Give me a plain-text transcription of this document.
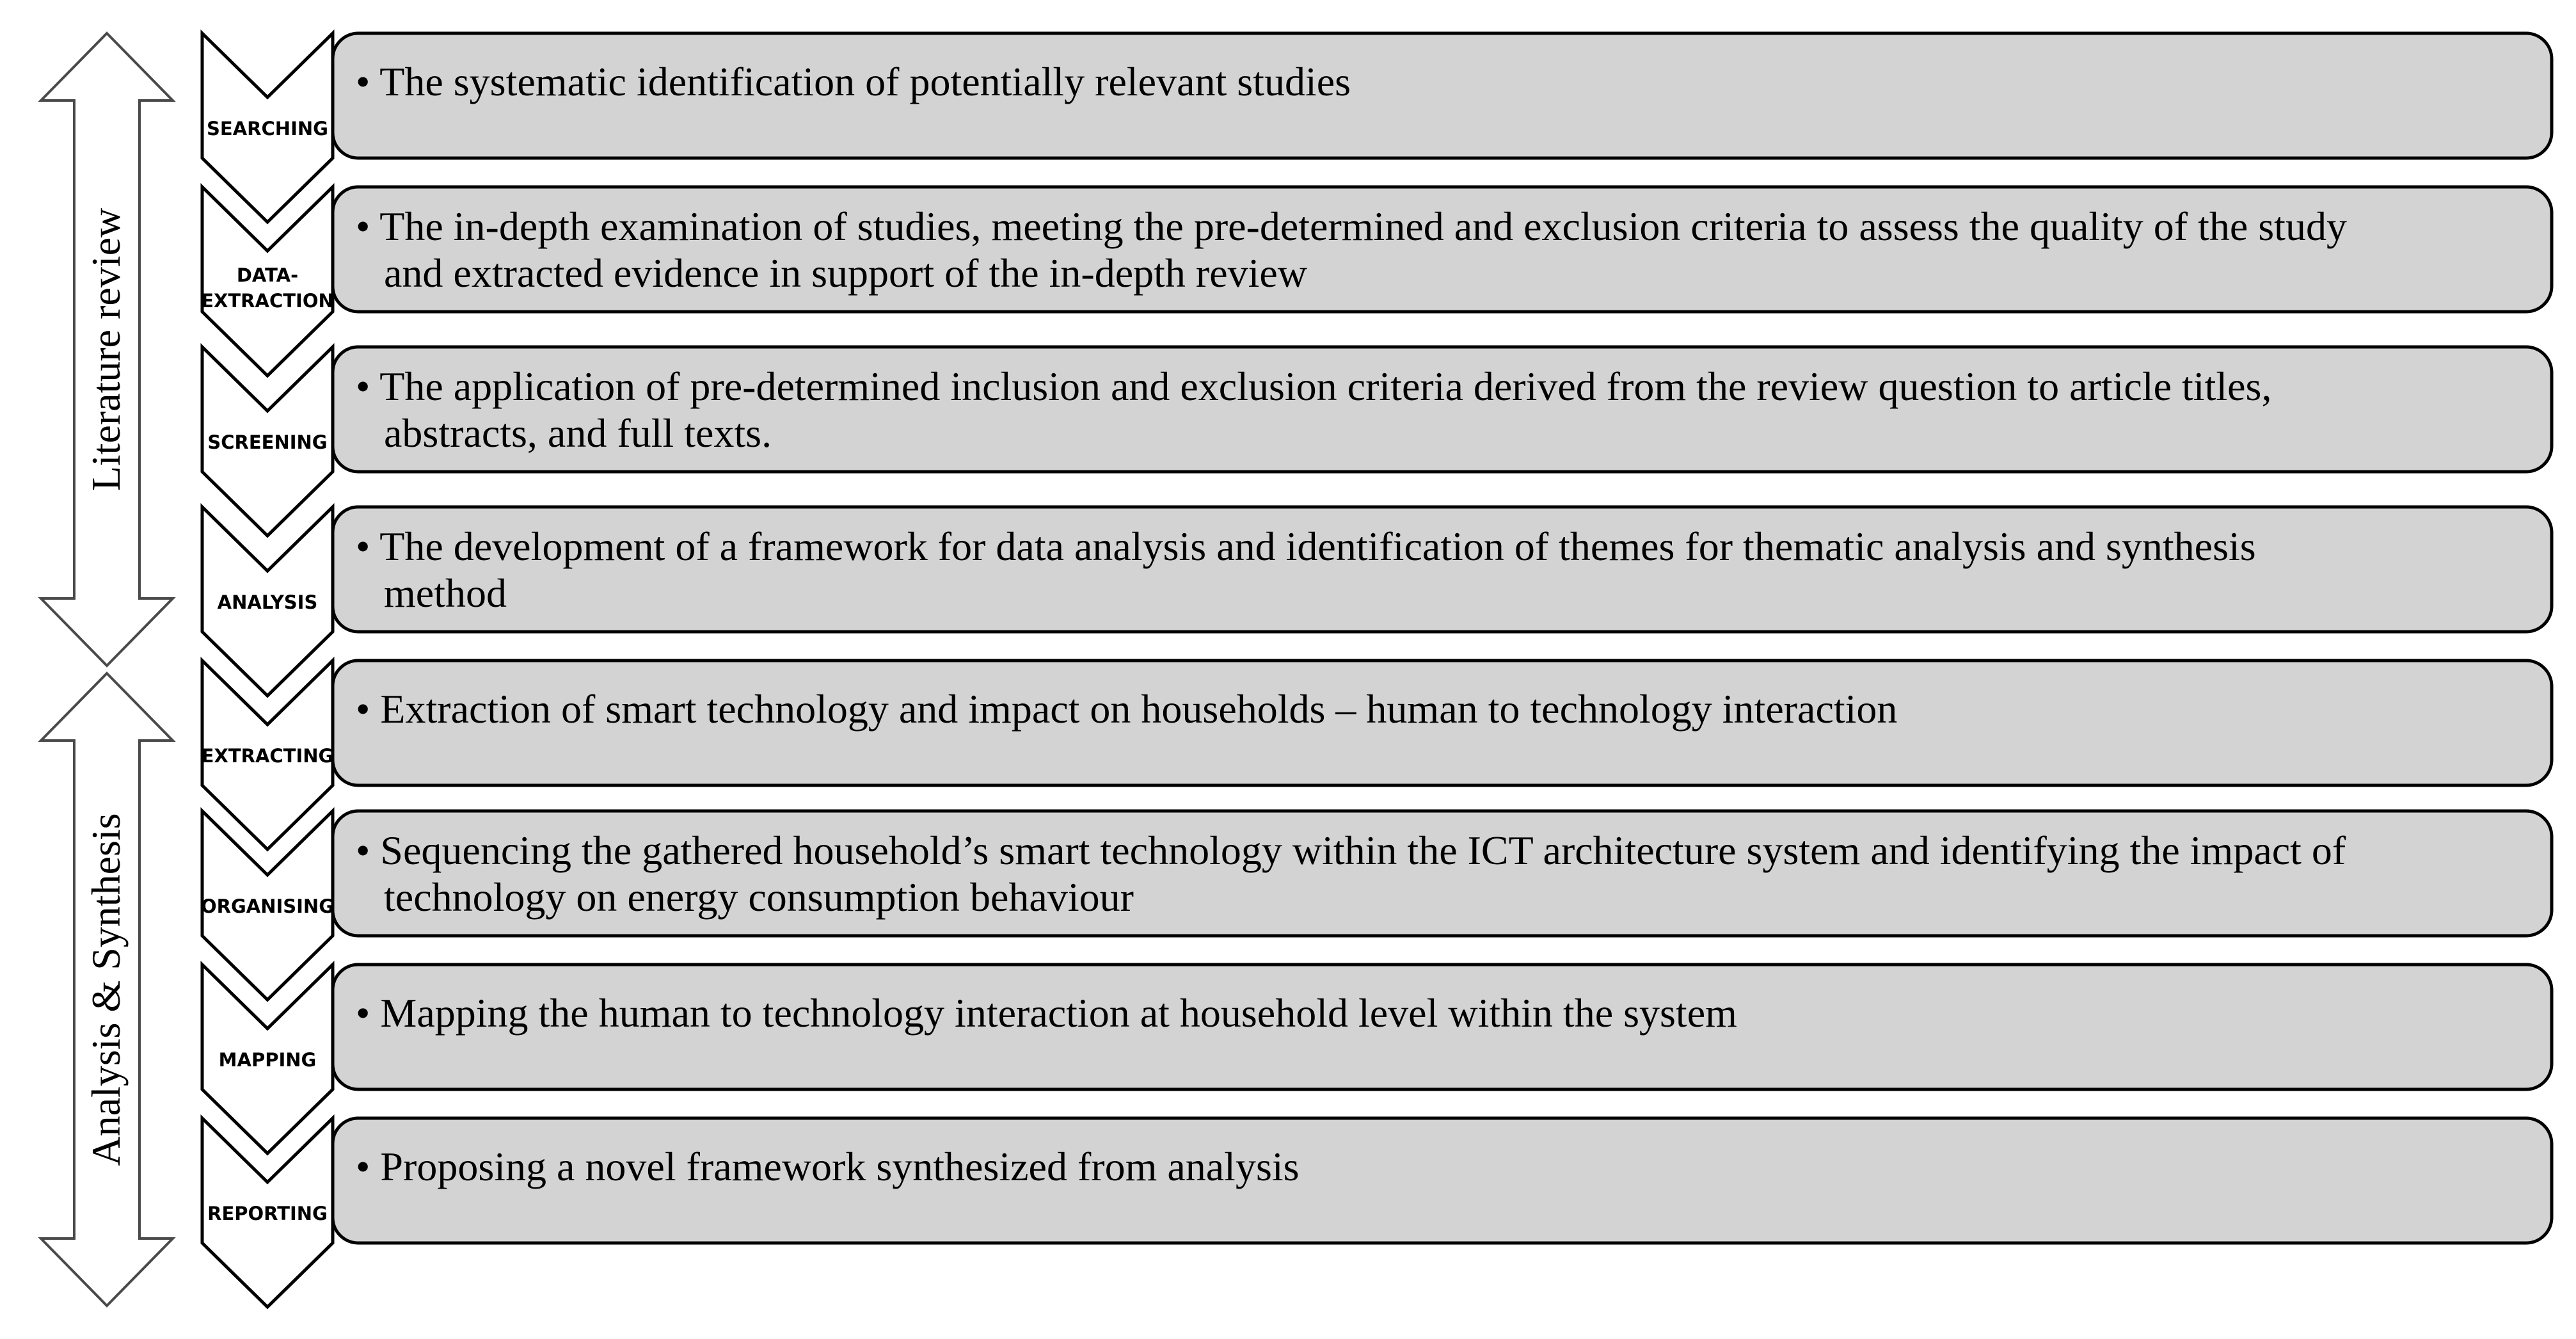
Literature review
Analysis & Synthesis
SEARCHING
• The systematic identification of potentially relevant studies
DATA-
EXTRACTION
• The in-depth examination of studies, meeting the pre-determined and exclusion criteria to assess the quality of the study
and extracted evidence in support of the in-depth review
SCREENING
• The application of pre-determined inclusion and exclusion criteria derived from the review question to article titles,
abstracts, and full texts.
ANALYSIS
• The development of a framework for data analysis and identification of themes for thematic analysis and synthesis
method
EXTRACTING
• Extraction of smart technology and impact on households – human to technology interaction
ORGANISING
• Sequencing the gathered household’s smart technology within the ICT architecture system and identifying the impact of
technology on energy consumption behaviour
MAPPING
• Mapping the human to technology interaction at household level within the system
REPORTING
• Proposing a novel framework synthesized from analysis
